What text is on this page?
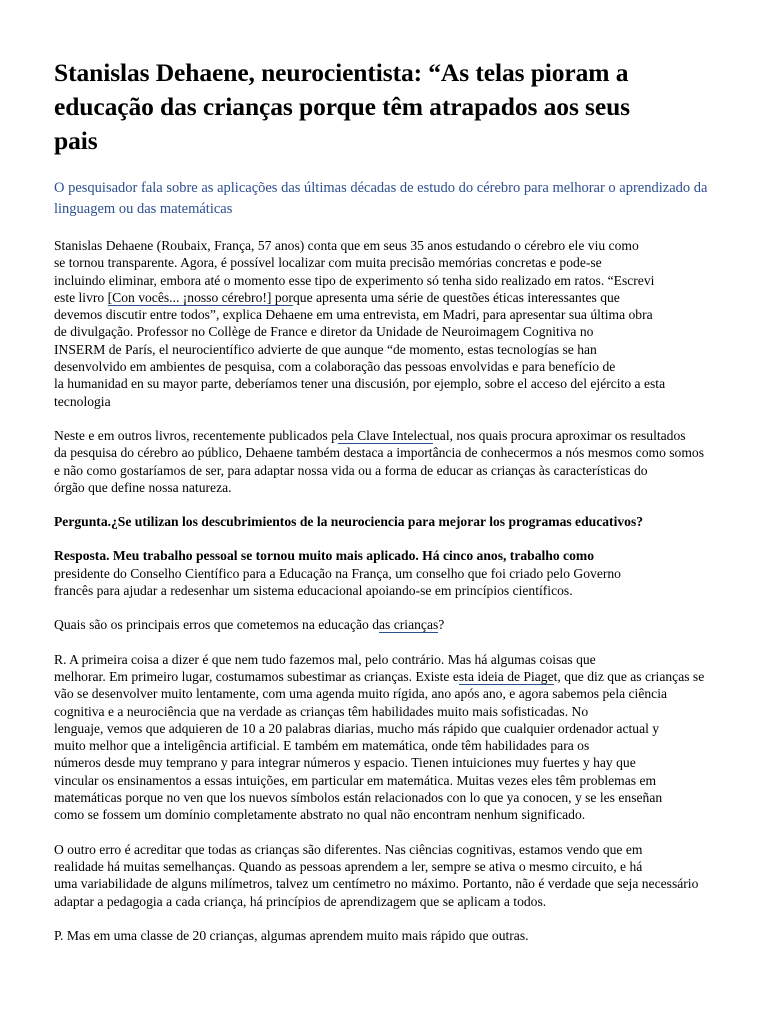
Stanislas Dehaene, neurocientista: “As telas pioram a educação das crianças porque têm atrapados aos seus pais

O pesquisador fala sobre as aplicações das últimas décadas de estudo do cérebro para melhorar o aprendizado da linguagem ou das matemáticas

Stanislas Dehaene (Roubaix, França, 57 anos) conta que em seus 35 anos estudando o cérebro ele viu como
se tornou transparente. Agora, é possível localizar com muita precisão memórias concretas e pode-se
incluindo eliminar, embora até o momento esse tipo de experimento só tenha sido realizado em ratos. “Escrevi
este livro [Con vocês... ¡nosso cérebro!] porque apresenta uma série de questões éticas interessantes que
devemos discutir entre todos”, explica Dehaene em uma entrevista, em Madri, para apresentar sua última obra
de divulgação. Professor no Collège de France e diretor da Unidade de Neuroimagem Cognitiva no
INSERM de París, el neurocientífico advierte de que aunque “de momento, estas tecnologías se han
desenvolvido em ambientes de pesquisa, com a colaboração das pessoas envolvidas e para benefício de
la humanidad en su mayor parte, deberíamos tener una discusión, por ejemplo, sobre el acceso del ejército a esta
tecnologia
Neste e em outros livros, recentemente publicados pela Clave Intelectual, nos quais procura aproximar os resultados
da pesquisa do cérebro ao público, Dehaene também destaca a importância de conhecermos a nós mesmos como somos
e não como gostaríamos de ser, para adaptar nossa vida ou a forma de educar as crianças às características do
órgão que define nossa natureza.
Pergunta.¿Se utilizan los descubrimientos de la neurociencia para mejorar los programas educativos?
Resposta. Meu trabalho pessoal se tornou muito mais aplicado. Há cinco anos, trabalho como
presidente do Conselho Científico para a Educação na França, um conselho que foi criado pelo Governo
francês para ajudar a redesenhar um sistema educacional apoiando-se em princípios científicos.
Quais são os principais erros que cometemos na educação das crianças?
R. A primeira coisa a dizer é que nem tudo fazemos mal, pelo contrário. Mas há algumas coisas que
melhorar. Em primeiro lugar, costumamos subestimar as crianças. Existe esta ideia de Piaget, que diz que as crianças se
vão se desenvolver muito lentamente, com uma agenda muito rígida, ano após ano, e agora sabemos pela ciência
cognitiva e a neurociência que na verdade as crianças têm habilidades muito mais sofisticadas. No
lenguaje, vemos que adquieren de 10 a 20 palabras diarias, mucho más rápido que cualquier ordenador actual y
muito melhor que a inteligência artificial. E também em matemática, onde têm habilidades para os
números desde muy temprano y para integrar números y espacio. Tienen intuiciones muy fuertes y hay que
vincular os ensinamentos a essas intuições, em particular em matemática. Muitas vezes eles têm problemas em
matemáticas porque no ven que los nuevos símbolos están relacionados con lo que ya conocen, y se les enseñan
como se fossem um domínio completamente abstrato no qual não encontram nenhum significado.
O outro erro é acreditar que todas as crianças são diferentes. Nas ciências cognitivas, estamos vendo que em
realidade há muitas semelhanças. Quando as pessoas aprendem a ler, sempre se ativa o mesmo circuito, e há
uma variabilidade de alguns milímetros, talvez um centímetro no máximo. Portanto, não é verdade que seja necessário
adaptar a pedagogia a cada criança, há princípios de aprendizagem que se aplicam a todos.
P. Mas em uma classe de 20 crianças, algumas aprendem muito mais rápido que outras.
